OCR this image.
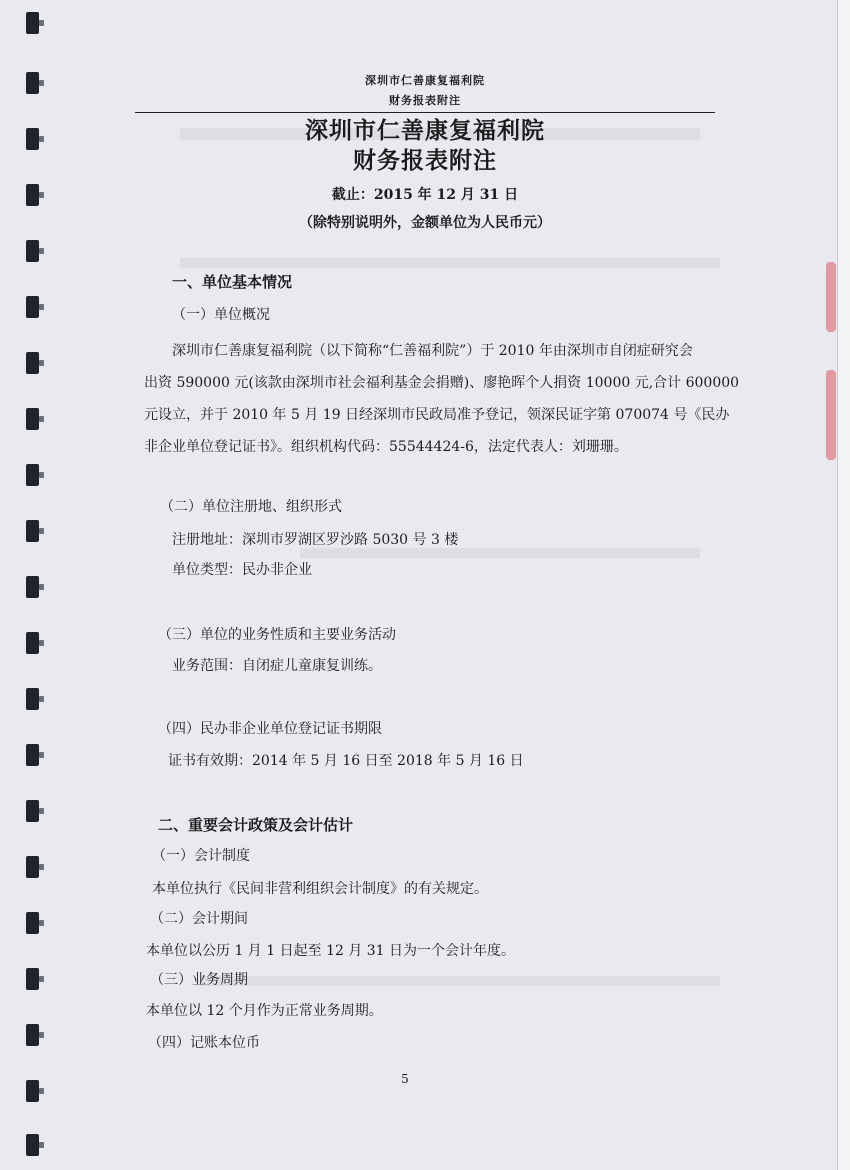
深圳市仁善康复福利院
财务报表附注
深圳市仁善康复福利院
财务报表附注
截止：2015 年 12 月 31 日
（除特别说明外，金额单位为人民币元）
一、单位基本情况
（一）单位概况
深圳市仁善康复福利院（以下简称“仁善福利院”）于 2010 年由深圳市自闭症研究会
出资 590000 元(该款由深圳市社会福利基金会捐赠)、廖艳晖个人捐资 10000 元,合计 600000
元设立，并于 2010 年 5 月 19 日经深圳市民政局准予登记，领深民证字第 070074 号《民办
非企业单位登记证书》。组织机构代码：55544424-6，法定代表人：刘珊珊。
（二）单位注册地、组织形式
注册地址：深圳市罗湖区罗沙路 5030 号 3 楼
单位类型：民办非企业
（三）单位的业务性质和主要业务活动
业务范围：自闭症儿童康复训练。
（四）民办非企业单位登记证书期限
证书有效期：2014 年 5 月 16 日至 2018 年 5 月 16 日
二、重要会计政策及会计估计
（一）会计制度
本单位执行《民间非营利组织会计制度》的有关规定。
（二）会计期间
本单位以公历 1 月 1 日起至 12 月 31 日为一个会计年度。
（三）业务周期
本单位以 12 个月作为正常业务周期。
（四）记账本位币
5
